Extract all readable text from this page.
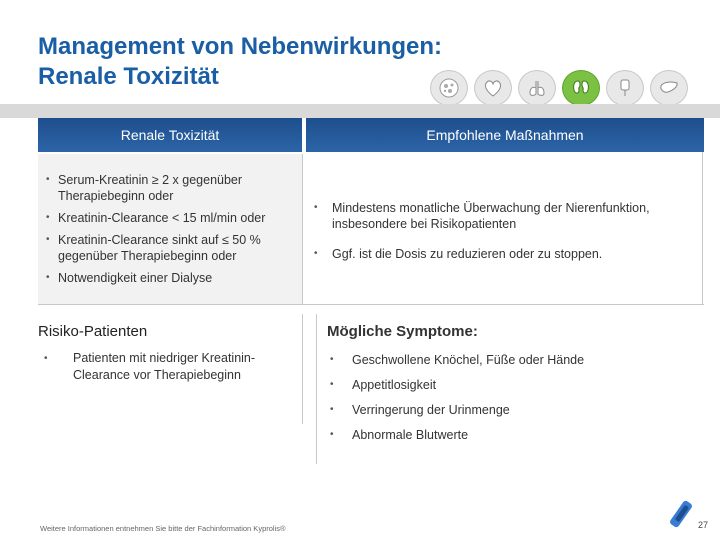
Management von Nebenwirkungen:
Renale Toxizität
Renale Toxizität	Empfohlene Maßnahmen
• Serum-Kreatinin ≥ 2 x gegenüber Therapiebeginn oder
• Kreatinin-Clearance < 15 ml/min oder
• Kreatinin-Clearance sinkt auf ≤ 50 % gegenüber Therapiebeginn oder
• Notwendigkeit einer Dialyse
• Mindestens monatliche Überwachung der Nierenfunktion, insbesondere bei Risikopatienten
• Ggf. ist die Dosis zu reduzieren oder zu stoppen.
Risiko-Patienten	Mögliche Symptome:
• Patienten mit niedriger Kreatinin-Clearance vor Therapiebeginn
• Geschwollene Knöchel, Füße oder Hände
• Appetitlosigkeit
• Verringerung der Urinmenge
• Abnormale Blutwerte
Weitere Informationen entnehmen Sie bitte der Fachinformation Kyprolis®	27
